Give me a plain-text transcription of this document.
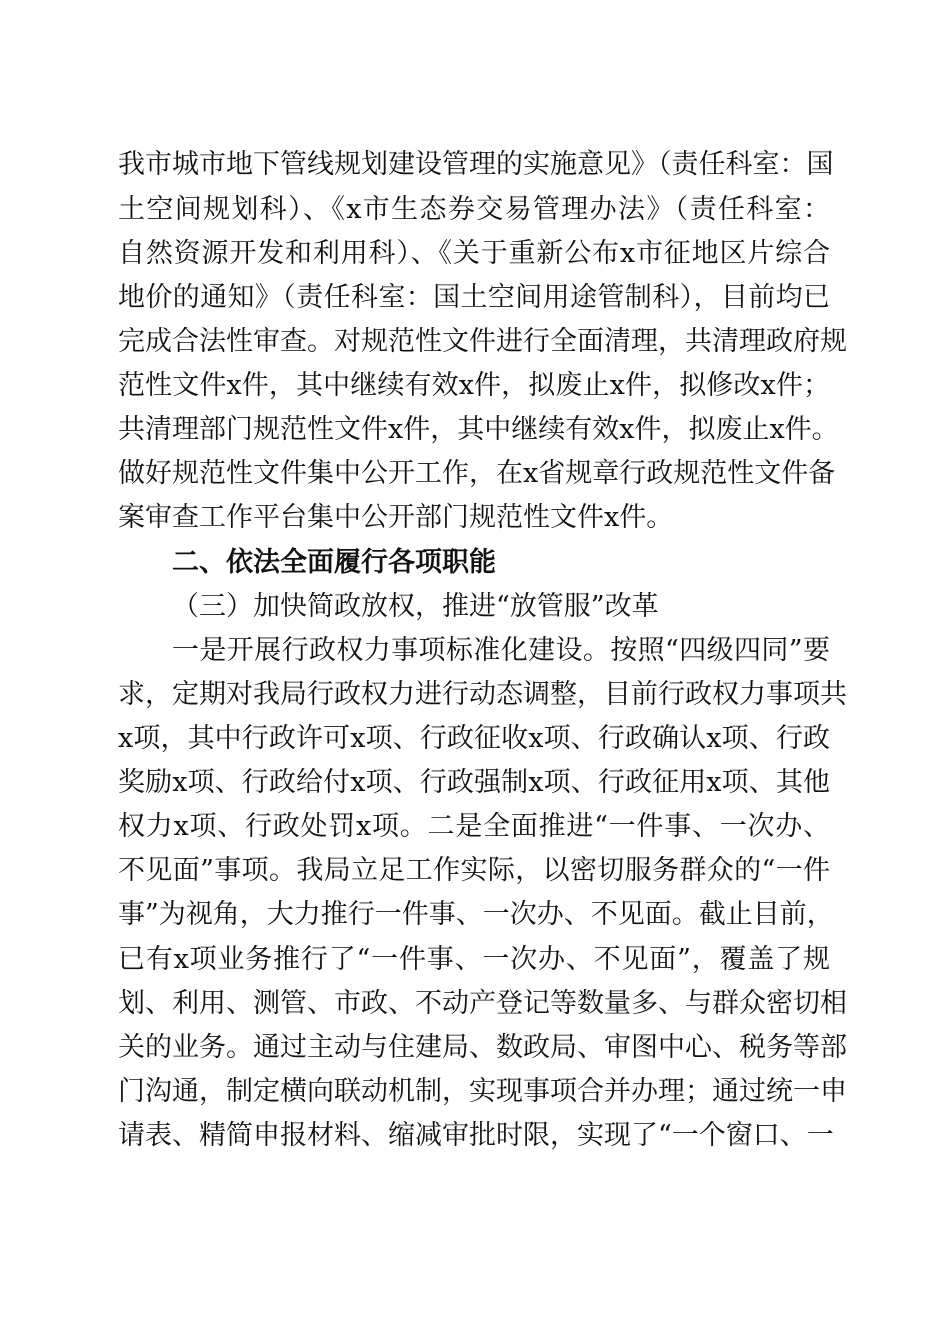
我市城市地下管线规划建设管理的实施意见》（责任科室：国
土空间规划科）、《x市生态券交易管理办法》（责任科室：
自然资源开发和利用科）、《关于重新公布x市征地区片综合
地价的通知》（责任科室：国土空间用途管制科），目前均已
完成合法性审查。对规范性文件进行全面清理，共清理政府规
范性文件x件，其中继续有效x件，拟废止x件，拟修改x件；
共清理部门规范性文件x件，其中继续有效x件，拟废止x件。
做好规范性文件集中公开工作，在x省规章行政规范性文件备
案审查工作平台集中公开部门规范性文件x件。
二、依法全面履行各项职能
（三）加快简政放权，推进“放管服”改革
一是开展行政权力事项标准化建设。按照“四级四同”要
求，定期对我局行政权力进行动态调整，目前行政权力事项共
x项，其中行政许可x项、行政征收x项、行政确认x项、行政
奖励x项、行政给付x项、行政强制x项、行政征用x项、其他
权力x项、行政处罚x项。二是全面推进“一件事、一次办、
不见面”事项。我局立足工作实际，以密切服务群众的“一件
事”为视角，大力推行一件事、一次办、不见面。截止目前，
已有x项业务推行了“一件事、一次办、不见面”，覆盖了规
划、利用、测管、市政、不动产登记等数量多、与群众密切相
关的业务。通过主动与住建局、数政局、审图中心、税务等部
门沟通，制定横向联动机制，实现事项合并办理；通过统一申
请表、精简申报材料、缩减审批时限，实现了“一个窗口、一
